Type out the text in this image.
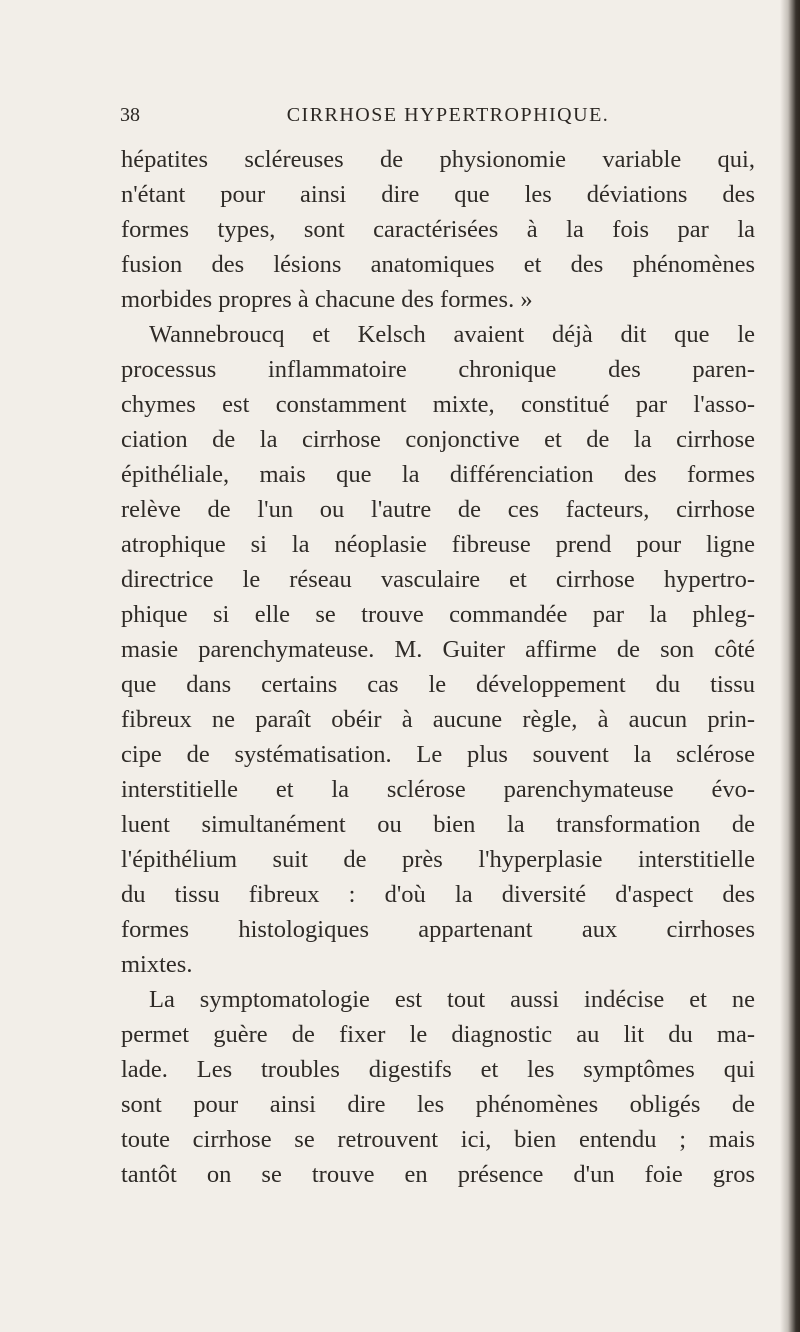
38	CIRRHOSE HYPERTROPHIQUE.
hépatites scléreuses de physionomie variable qui,
n'étant pour ainsi dire que les déviations des
formes types, sont caractérisées à la fois par la
fusion des lésions anatomiques et des phénomènes
morbides propres à chacune des formes. »
Wannebroucq et Kelsch avaient déjà dit que le
processus inflammatoire chronique des paren-
chymes est constamment mixte, constitué par l'asso-
ciation de la cirrhose conjonctive et de la cirrhose
épithéliale, mais que la différenciation des formes
relève de l'un ou l'autre de ces facteurs, cirrhose
atrophique si la néoplasie fibreuse prend pour ligne
directrice le réseau vasculaire et cirrhose hypertro-
phique si elle se trouve commandée par la phleg-
masie parenchymateuse. M. Guiter affirme de son côté
que dans certains cas le développement du tissu
fibreux ne paraît obéir à aucune règle, à aucun prin-
cipe de systématisation. Le plus souvent la sclérose
interstitielle et la sclérose parenchymateuse évo-
luent simultanément ou bien la transformation de
l'épithélium suit de près l'hyperplasie interstitielle
du tissu fibreux : d'où la diversité d'aspect des
formes histologiques appartenant aux cirrhoses
mixtes.
La symptomatologie est tout aussi indécise et ne
permet guère de fixer le diagnostic au lit du ma-
lade. Les troubles digestifs et les symptômes qui
sont pour ainsi dire les phénomènes obligés de
toute cirrhose se retrouvent ici, bien entendu ; mais
tantôt on se trouve en présence d'un foie gros
